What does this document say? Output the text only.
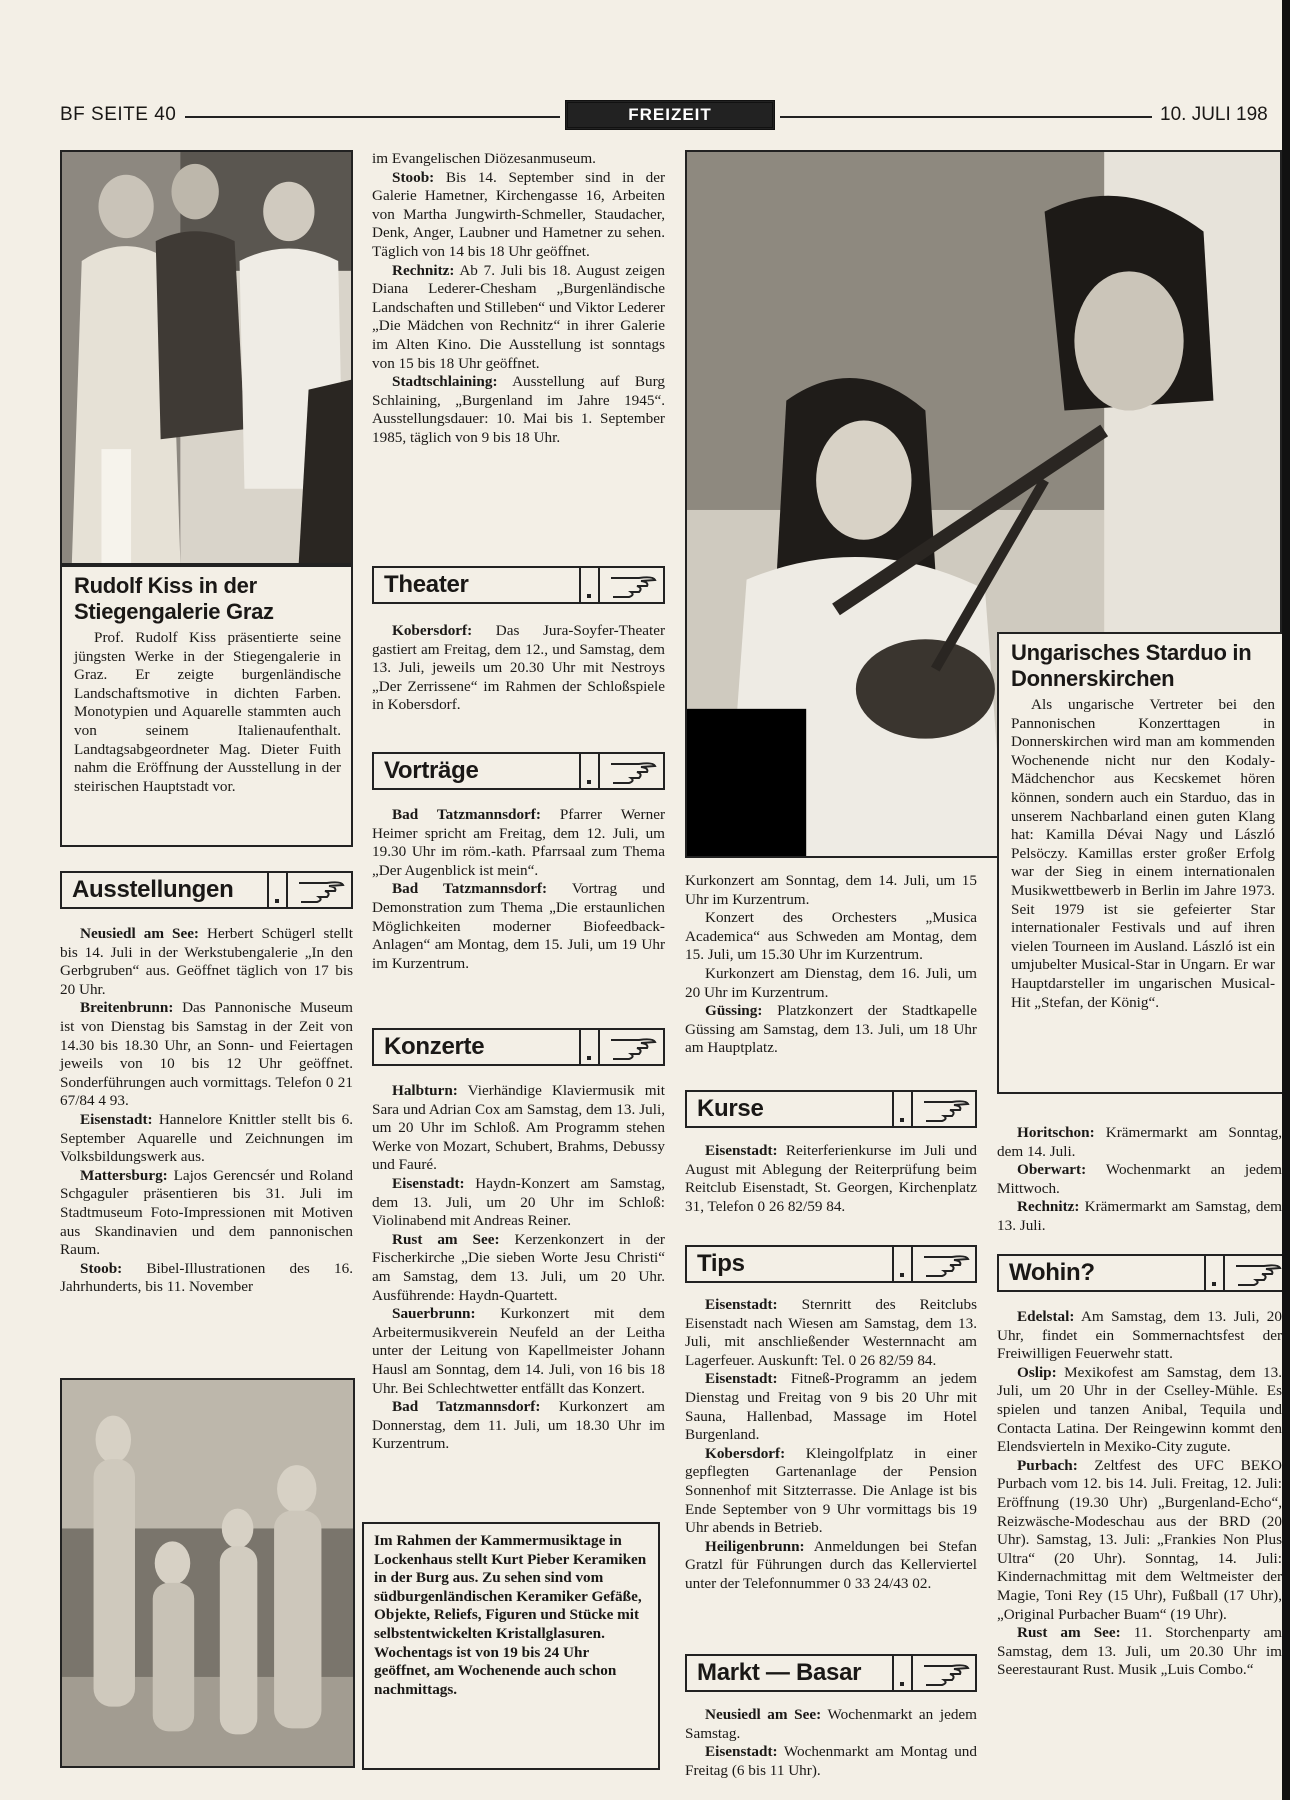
BF SEITE 40	FREIZEIT	10. JULI 198
Rudolf Kiss in der Stiegengalerie Graz

Prof. Rudolf Kiss präsentierte seine jüngsten Werke in der Stiegengalerie in Graz. Er zeigte burgenländische Landschaftsmotive in dichten Farben. Monotypien und Aquarelle stammten auch von seinem Italienaufenthalt. Landtagsabgeordneter Mag. Dieter Fuith nahm die Eröffnung der Ausstellung in der steirischen Hauptstadt vor.

Ausstellungen

Neusiedl am See: Herbert Schügerl stellt bis 14. Juli in der Werkstubengalerie „In den Gerbgruben“ aus. Geöffnet täglich von 17 bis 20 Uhr.

Breitenbrunn: Das Pannonische Museum ist von Dienstag bis Samstag in der Zeit von 14.30 bis 18.30 Uhr, an Sonn- und Feiertagen jeweils von 10 bis 12 Uhr geöffnet. Sonderführungen auch vormittags. Telefon 0 21 67/84 4 93.

Eisenstadt: Hannelore Knittler stellt bis 6. September Aquarelle und Zeichnungen im Volksbildungswerk aus.

Mattersburg: Lajos Gerencsér und Roland Schgaguler präsentieren bis 31. Juli im Stadtmuseum Foto-Impressionen mit Motiven aus Skandinavien und dem pannonischen Raum.

Stoob: Bibel-Illustrationen des 16. Jahrhunderts, bis 11. November

im Evangelischen Diözesanmuseum.

Stoob: Bis 14. September sind in der Galerie Hametner, Kirchengasse 16, Arbeiten von Martha Jungwirth-Schmeller, Staudacher, Denk, Anger, Laubner und Hametner zu sehen. Täglich von 14 bis 18 Uhr geöffnet.

Rechnitz: Ab 7. Juli bis 18. August zeigen Diana Lederer-Chesham „Burgenländische Landschaften und Stilleben“ und Viktor Lederer „Die Mädchen von Rechnitz“ in ihrer Galerie im Alten Kino. Die Ausstellung ist sonntags von 15 bis 18 Uhr geöffnet.

Stadtschlaining: Ausstellung auf Burg Schlaining, „Burgenland im Jahre 1945“. Ausstellungsdauer: 10. Mai bis 1. September 1985, täglich von 9 bis 18 Uhr.

Theater

Kobersdorf: Das Jura-Soyfer-Theater gastiert am Freitag, dem 12., und Samstag, dem 13. Juli, jeweils um 20.30 Uhr mit Nestroys „Der Zerrissene“ im Rahmen der Schloßspiele in Kobersdorf.

Vorträge

Bad Tatzmannsdorf: Pfarrer Werner Heimer spricht am Freitag, dem 12. Juli, um 19.30 Uhr im röm.-kath. Pfarrsaal zum Thema „Der Augenblick ist mein“.

Bad Tatzmannsdorf: Vortrag und Demonstration zum Thema „Die erstaunlichen Möglichkeiten moderner Biofeedback-Anlagen“ am Montag, dem 15. Juli, um 19 Uhr im Kurzentrum.

Konzerte

Halbturn: Vierhändige Klaviermusik mit Sara und Adrian Cox am Samstag, dem 13. Juli, um 20 Uhr im Schloß. Am Programm stehen Werke von Mozart, Schubert, Brahms, Debussy und Fauré.

Eisenstadt: Haydn-Konzert am Samstag, dem 13. Juli, um 20 Uhr im Schloß: Violinabend mit Andreas Reiner.

Rust am See: Kerzenkonzert in der Fischerkirche „Die sieben Worte Jesu Christi“ am Samstag, dem 13. Juli, um 20 Uhr. Ausführende: Haydn-Quartett.

Sauerbrunn: Kurkonzert mit dem Arbeitermusikverein Neufeld an der Leitha unter der Leitung von Kapellmeister Johann Hausl am Sonntag, dem 14. Juli, von 16 bis 18 Uhr. Bei Schlechtwetter entfällt das Konzert.

Bad Tatzmannsdorf: Kurkonzert am Donnerstag, dem 11. Juli, um 18.30 Uhr im Kurzentrum.

Im Rahmen der Kammermusiktage in Lockenhaus stellt Kurt Pieber Keramiken in der Burg aus. Zu sehen sind vom südburgenländischen Keramiker Gefäße, Objekte, Reliefs, Figuren und Stücke mit selbstentwickelten Kristallglasuren. Wochentags ist von 19 bis 24 Uhr geöffnet, am Wochenende auch schon nachmittags.

Kurkonzert am Sonntag, dem 14. Juli, um 15 Uhr im Kurzentrum.

Konzert des Orchesters „Musica Academica“ aus Schweden am Montag, dem 15. Juli, um 15.30 Uhr im Kurzentrum.

Kurkonzert am Dienstag, dem 16. Juli, um 20 Uhr im Kurzentrum.

Güssing: Platzkonzert der Stadtkapelle Güssing am Samstag, dem 13. Juli, um 18 Uhr am Hauptplatz.

Kurse

Eisenstadt: Reiterferienkurse im Juli und August mit Ablegung der Reiterprüfung beim Reitclub Eisenstadt, St. Georgen, Kirchenplatz 31, Telefon 0 26 82/59 84.

Tips

Eisenstadt: Sternritt des Reitclubs Eisenstadt nach Wiesen am Samstag, dem 13. Juli, mit anschließender Westernnacht am Lagerfeuer. Auskunft: Tel. 0 26 82/59 84.

Eisenstadt: Fitneß-Programm an jedem Dienstag und Freitag von 9 bis 20 Uhr mit Sauna, Hallenbad, Massage im Hotel Burgenland.

Kobersdorf: Kleingolfplatz in einer gepflegten Gartenanlage der Pension Sonnenhof mit Sitzterrasse. Die Anlage ist bis Ende September von 9 Uhr vormittags bis 19 Uhr abends in Betrieb.

Heiligenbrunn: Anmeldungen bei Stefan Gratzl für Führungen durch das Kellerviertel unter der Telefonnummer 0 33 24/43 02.

Markt — Basar

Neusiedl am See: Wochenmarkt an jedem Samstag.

Eisenstadt: Wochenmarkt am Montag und Freitag (6 bis 11 Uhr).

Ungarisches Starduo in Donnerskirchen

Als ungarische Vertreter bei den Pannonischen Konzerttagen in Donnerskirchen wird man am kommenden Wochenende nicht nur den Kodaly-Mädchenchor aus Kecskemet hören können, sondern auch ein Starduo, das in unserem Nachbarland einen guten Klang hat: Kamilla Dévai Nagy und László Pelsöczy. Kamillas erster großer Erfolg war der Sieg in einem internationalen Musikwettbewerb in Berlin im Jahre 1973. Seit 1979 ist sie gefeierter Star internationaler Festivals und auf ihren vielen Tourneen im Ausland. László ist ein umjubelter Musical-Star in Ungarn. Er war Hauptdarsteller im ungarischen Musical-Hit „Stefan, der König“.

Horitschon: Krämermarkt am Sonntag, dem 14. Juli.

Oberwart: Wochenmarkt an jedem Mittwoch.

Rechnitz: Krämermarkt am Samstag, dem 13. Juli.

Wohin?

Edelstal: Am Samstag, dem 13. Juli, 20 Uhr, findet ein Sommernachtsfest der Freiwilligen Feuerwehr statt.

Oslip: Mexikofest am Samstag, dem 13. Juli, um 20 Uhr in der Cselley-Mühle. Es spielen und tanzen Anibal, Tequila und Contacta Latina. Der Reingewinn kommt den Elendsvierteln in Mexiko-City zugute.

Purbach: Zeltfest des UFC BEKO Purbach vom 12. bis 14. Juli. Freitag, 12. Juli: Eröffnung (19.30 Uhr) „Burgenland-Echo“, Reizwäsche-Modeschau aus der BRD (20 Uhr). Samstag, 13. Juli: „Frankies Non Plus Ultra“ (20 Uhr). Sonntag, 14. Juli: Kindernachmittag mit dem Weltmeister der Magie, Toni Rey (15 Uhr), Fußball (17 Uhr), „Original Purbacher Buam“ (19 Uhr).

Rust am See: 11. Storchenparty am Samstag, dem 13. Juli, um 20.30 Uhr im Seerestaurant Rust. Musik „Luis Combo.“
